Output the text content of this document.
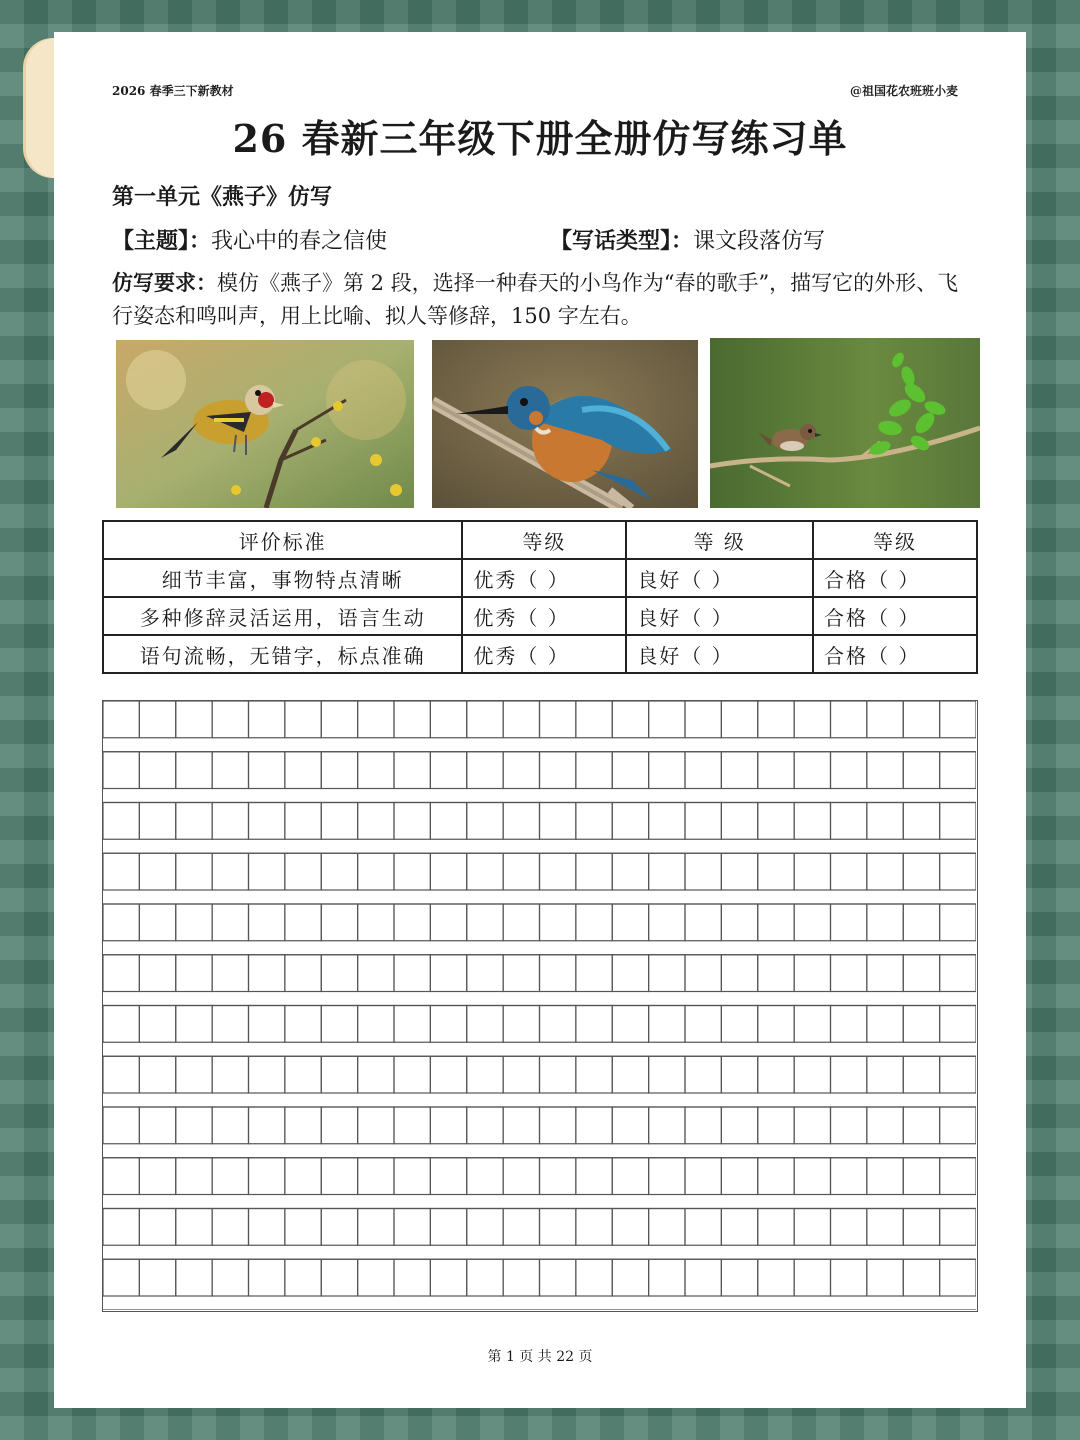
2026 春季三下新教材	@祖国花农班班小麦
26 春新三年级下册全册仿写练习单
第一单元《燕子》仿写
【主题】：我心中的春之信使	【写话类型】：课文段落仿写
仿写要求：模仿《燕子》第 2 段，选择一种春天的小鸟作为“春的歌手”，描写它的外形、飞行姿态和鸣叫声，用上比喻、拟人等修辞，150 字左右。
评价标准	等级	等 级	等级
细节丰富，事物特点清晰	优秀（ ）	良好（ ）	合格（ ）
多种修辞灵活运用，语言生动	优秀（ ）	良好（ ）	合格（ ）
语句流畅，无错字，标点准确	优秀（ ）	良好（ ）	合格（ ）
第 1 页 共 22 页
